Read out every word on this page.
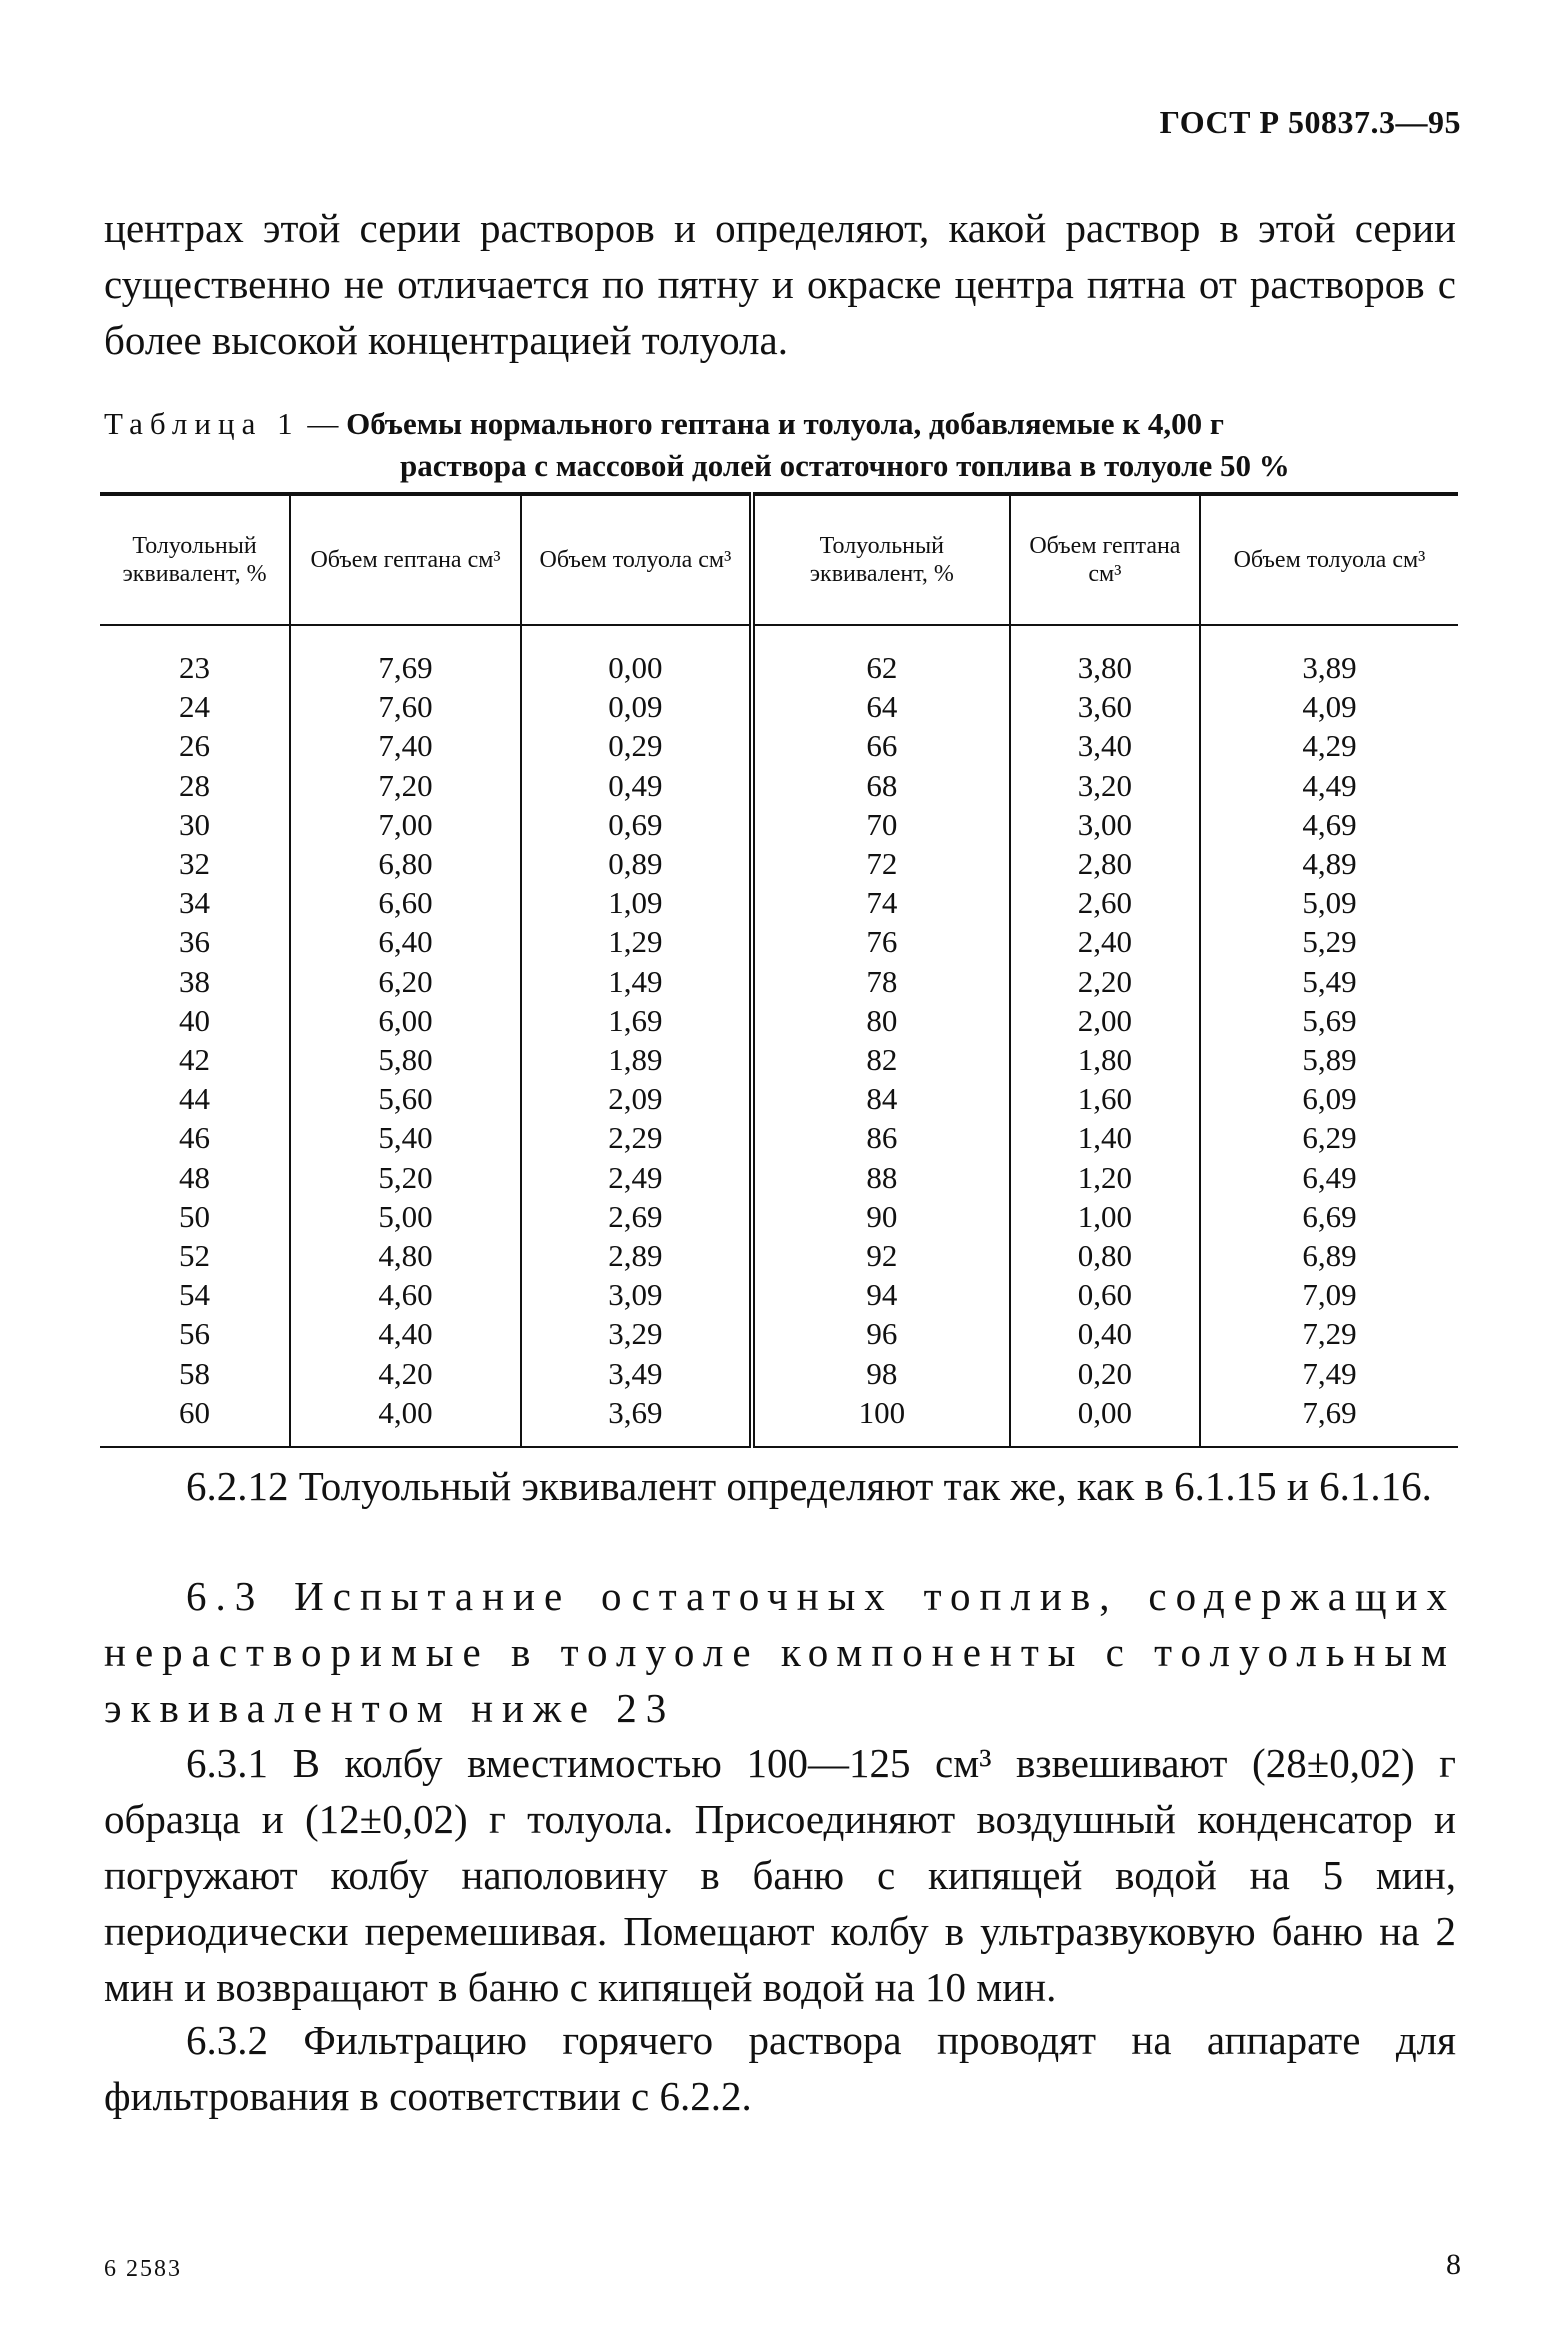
ГОСТ Р 50837.3—95
центрах этой серии растворов и определяют, какой раствор в этой серии существенно не отличается по пятну и окраске центра пятна от растворов с более высокой концентрацией толуола.
Таблица 1 — Объемы нормального гептана и толуола, добавляемые к 4,00 г
раствора с массовой долей остаточного топлива в толуоле 50 %
Толуольный эквивалент, %	Объем гептана см³	Объем толуола см³	Толуольный эквивалент, %	Объем гептана см³	Объем толуола см³
23	7,69	0,00	62	3,80	3,89
24	7,60	0,09	64	3,60	4,09
26	7,40	0,29	66	3,40	4,29
28	7,20	0,49	68	3,20	4,49
30	7,00	0,69	70	3,00	4,69
32	6,80	0,89	72	2,80	4,89
34	6,60	1,09	74	2,60	5,09
36	6,40	1,29	76	2,40	5,29
38	6,20	1,49	78	2,20	5,49
40	6,00	1,69	80	2,00	5,69
42	5,80	1,89	82	1,80	5,89
44	5,60	2,09	84	1,60	6,09
46	5,40	2,29	86	1,40	6,29
48	5,20	2,49	88	1,20	6,49
50	5,00	2,69	90	1,00	6,69
52	4,80	2,89	92	0,80	6,89
54	4,60	3,09	94	0,60	7,09
56	4,40	3,29	96	0,40	7,29
58	4,20	3,49	98	0,20	7,49
60	4,00	3,69	100	0,00	7,69
6.2.12 Толуольный эквивалент определяют так же, как в 6.1.15 и 6.1.16.
6.3 Испытание остаточных топлив, содержащих нерастворимые в толуоле компоненты с толуольным эквивалентом ниже 23
6.3.1 В колбу вместимостью 100—125 см³ взвешивают (28±0,02) г образца и (12±0,02) г толуола. Присоединяют воздушный конденсатор и погружают колбу наполовину в баню с кипящей водой на 5 мин, периодически перемешивая. Помещают колбу в ультразвуковую баню на 2 мин и возвращают в баню с кипящей водой на 10 мин.
6.3.2 Фильтрацию горячего раствора проводят на аппарате для фильтрования в соответствии с 6.2.2.
6 2583	8
